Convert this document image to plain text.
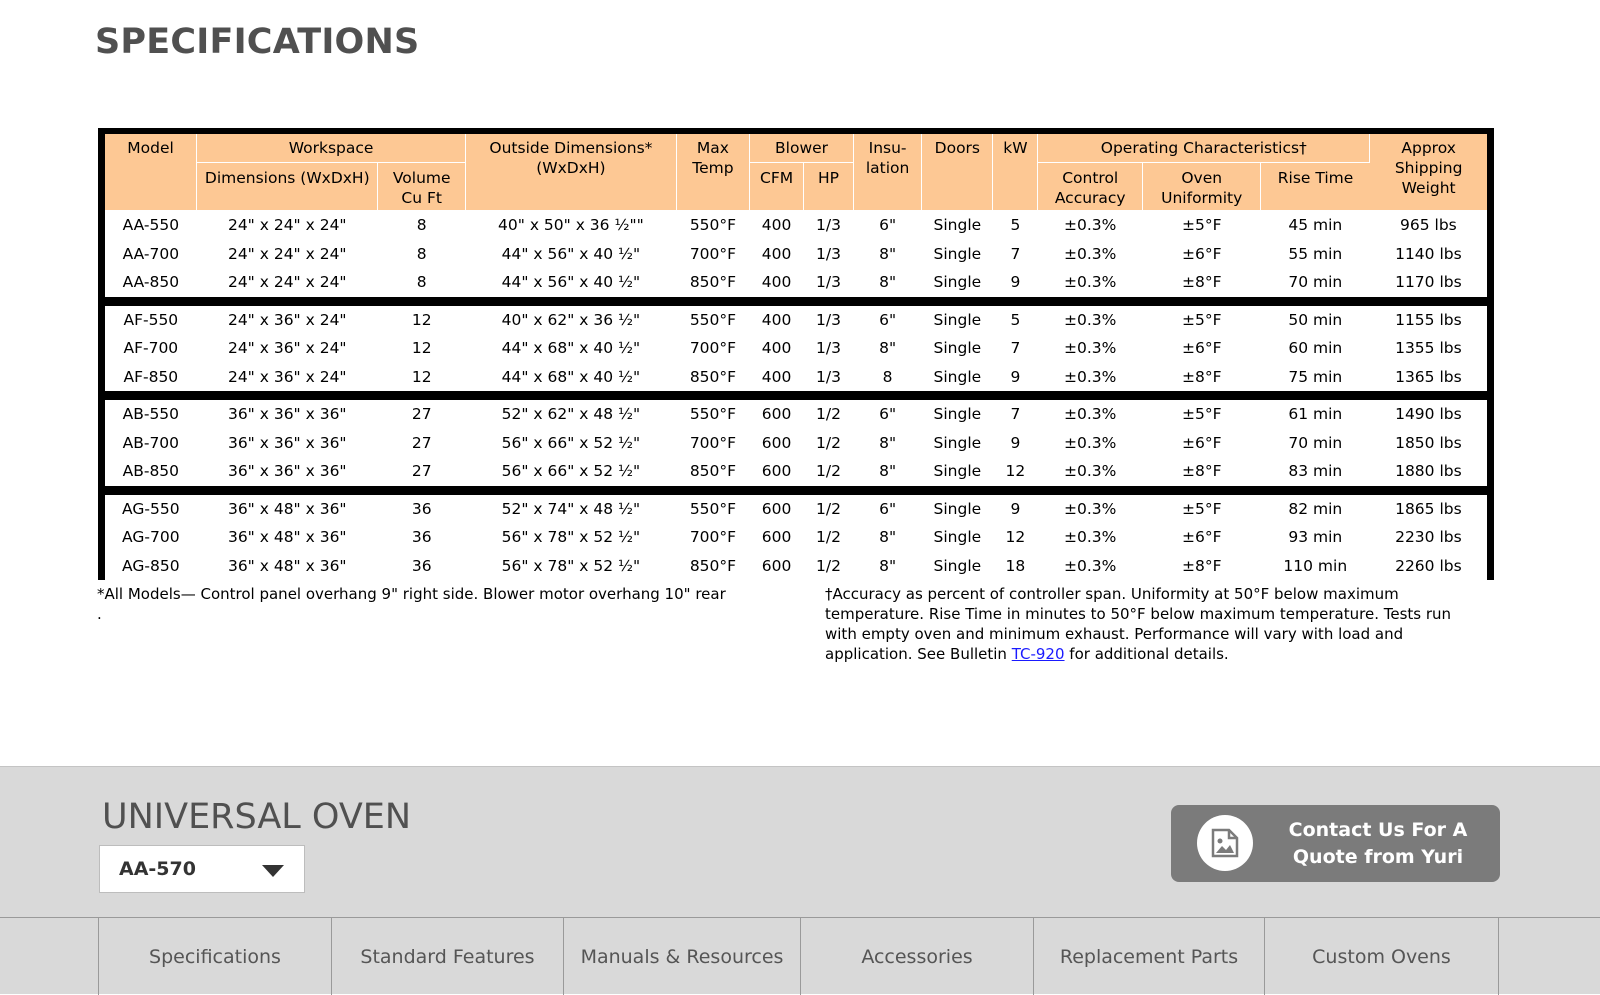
SPECIFICATIONS
Model	Workspace		Outside Dimensions* (WxDxH)	Max Temp	Blower		Insu-lation	Doors	kW	Operating Characteristics†			Approx Shipping Weight
	Dimensions (WxDxH)	Volume Cu Ft			CFM	HP				Control Accuracy	Oven Uniformity	Rise Time	
AA-550	24" x 24" x 24"	8	40" x 50" x 36 ½""	550°F	400	1/3	6"	Single	5	±0.3%	±5°F	45 min	965 lbs
AA-700	24" x 24" x 24"	8	44" x 56" x 40 ½"	700°F	400	1/3	8"	Single	7	±0.3%	±6°F	55 min	1140 lbs
AA-850	24" x 24" x 24"	8	44" x 56" x 40 ½"	850°F	400	1/3	8"	Single	9	±0.3%	±8°F	70 min	1170 lbs

AF-550	24" x 36" x 24"	12	40" x 62" x 36 ½"	550°F	400	1/3	6"	Single	5	±0.3%	±5°F	50 min	1155 lbs
AF-700	24" x 36" x 24"	12	44" x 68" x 40 ½"	700°F	400	1/3	8"	Single	7	±0.3%	±6°F	60 min	1355 lbs
AF-850	24" x 36" x 24"	12	44" x 68" x 40 ½"	850°F	400	1/3	8	Single	9	±0.3%	±8°F	75 min	1365 lbs

AB-550	36" x 36" x 36"	27	52" x 62" x 48 ½"	550°F	600	1/2	6"	Single	7	±0.3%	±5°F	61 min	1490 lbs
AB-700	36" x 36" x 36"	27	56" x 66" x 52 ½"	700°F	600	1/2	8"	Single	9	±0.3%	±6°F	70 min	1850 lbs
AB-850	36" x 36" x 36"	27	56" x 66" x 52 ½"	850°F	600	1/2	8"	Single	12	±0.3%	±8°F	83 min	1880 lbs

AG-550	36" x 48" x 36"	36	52" x 74" x 48 ½"	550°F	600	1/2	6"	Single	9	±0.3%	±5°F	82 min	1865 lbs
AG-700	36" x 48" x 36"	36	56" x 78" x 52 ½"	700°F	600	1/2	8"	Single	12	±0.3%	±6°F	93 min	2230 lbs
AG-850	36" x 48" x 36"	36	56" x 78" x 52 ½"	850°F	600	1/2	8"	Single	18	±0.3%	±8°F	110 min	2260 lbs
*All Models— Control panel overhang 9" right side. Blower motor overhang 10" rear
.
†Accuracy as percent of controller span. Uniformity at 50°F below maximum temperature. Rise Time in minutes to 50°F below maximum temperature. Tests run with empty oven and minimum exhaust. Performance will vary with load and application. See Bulletin TC-920 for additional details.
UNIVERSAL OVEN
AA-570
Contact Us For A
Quote from Yuri
Specifications	Standard Features	Manuals & Resources	Accessories	Replacement Parts	Custom Ovens
